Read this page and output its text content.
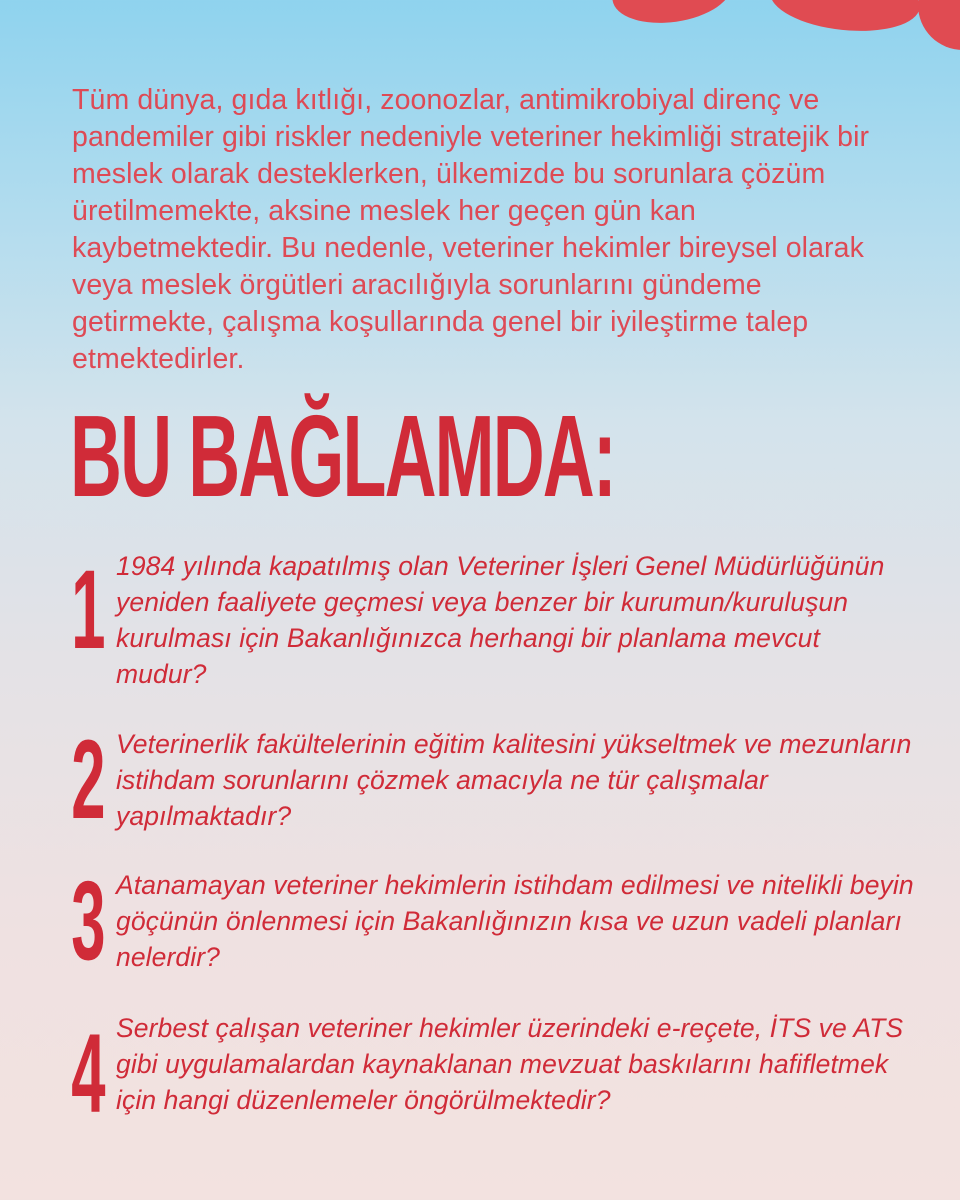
Tüm dünya, gıda kıtlığı, zoonozlar, antimikrobiyal direnç ve pandemiler gibi riskler nedeniyle veteriner hekimliği stratejik bir meslek olarak desteklerken, ülkemizde bu sorunlara çözüm üretilmemekte, aksine meslek her geçen gün kan kaybetmektedir. Bu nedenle, veteriner hekimler bireysel olarak veya meslek örgütleri aracılığıyla sorunlarını gündeme getirmekte, çalışma koşullarında genel bir iyileştirme talep etmektedirler.

BU BAĞLAMDA:
1 1984 yılında kapatılmış olan Veteriner İşleri Genel Müdürlüğünün yeniden faaliyete geçmesi veya benzer bir kurumun/kuruluşun kurulması için Bakanlığınızca herhangi bir planlama mevcut mudur?

2 Veterinerlik fakültelerinin eğitim kalitesini yükseltmek ve mezunların istihdam sorunlarını çözmek amacıyla ne tür çalışmalar yapılmaktadır?

3 Atanamayan veteriner hekimlerin istihdam edilmesi ve nitelikli beyin göçünün önlenmesi için Bakanlığınızın kısa ve uzun vadeli planları nelerdir?

4 Serbest çalışan veteriner hekimler üzerindeki e-reçete, İTS ve ATS gibi uygulamalardan kaynaklanan mevzuat baskılarını hafifletmek için hangi düzenlemeler öngörülmektedir?
